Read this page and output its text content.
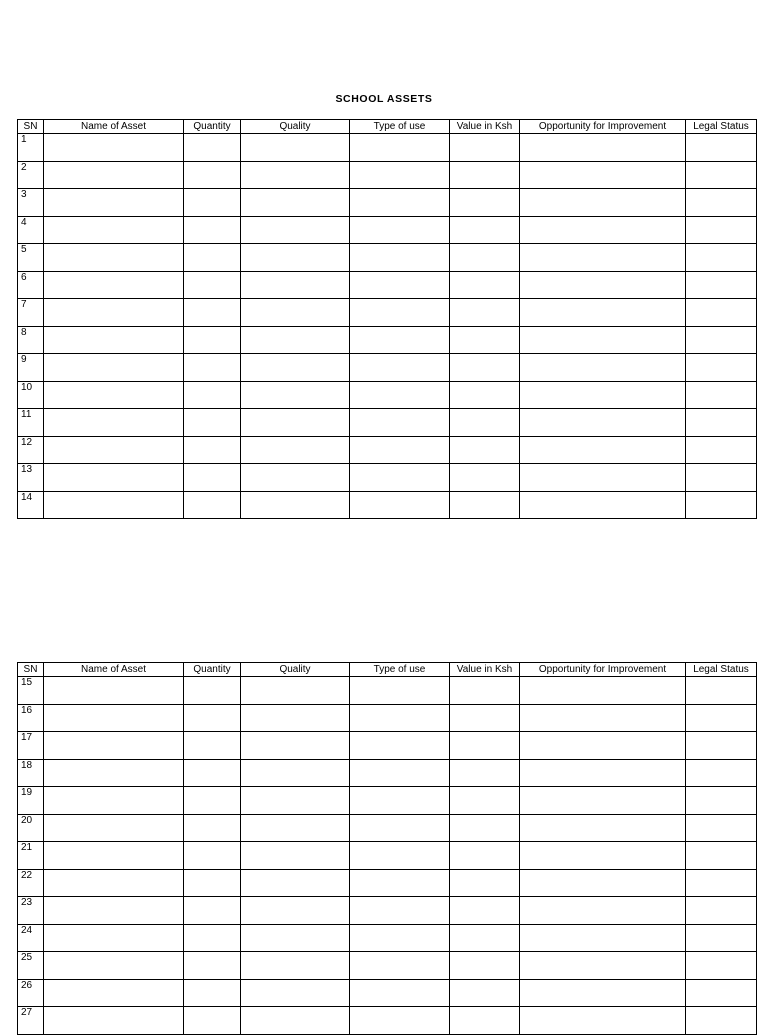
SCHOOL ASSETS
SN	Name of Asset	Quantity	Quality	Type of use	Value in Ksh	Opportunity for Improvement	Legal Status
1							
2							
3							
4							
5							
6							
7							
8							
9							
10							
11							
12							
13							
14							
SN	Name of Asset	Quantity	Quality	Type of use	Value in Ksh	Opportunity for Improvement	Legal Status
15							
16							
17							
18							
19							
20							
21							
22							
23							
24							
25							
26							
27							
